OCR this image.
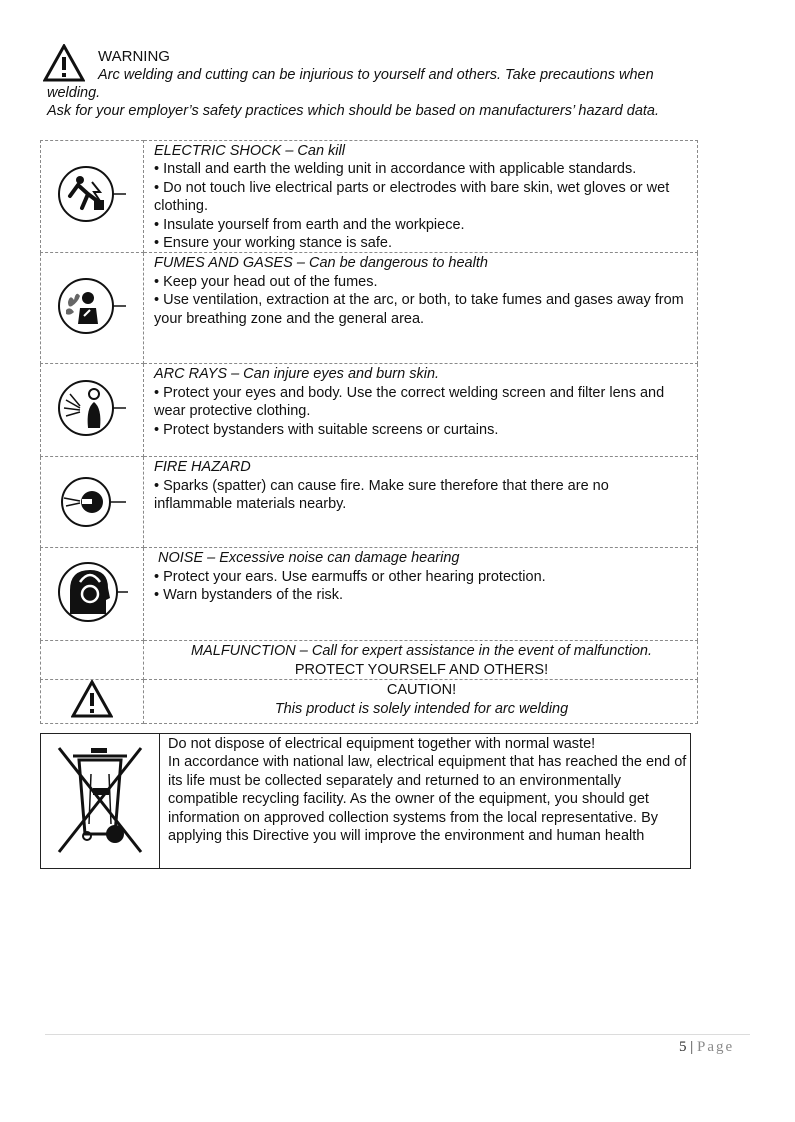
WARNING
Arc welding and cutting can be injurious to yourself and others. Take precautions when
welding.
Ask for your employer’s safety practices which should be based on manufacturers’ hazard data.

ELECTRIC SHOCK – Can kill
• Install and earth the welding unit in accordance with applicable standards.
• Do not touch live electrical parts or electrodes with bare skin, wet gloves or wet clothing.
• Insulate yourself from earth and the workpiece.
• Ensure your working stance is safe.

FUMES AND GASES – Can be dangerous to health
• Keep your head out of the fumes.
• Use ventilation, extraction at the arc, or both, to take fumes and gases away from your breathing zone and the general area.

ARC RAYS – Can injure eyes and burn skin.
• Protect your eyes and body. Use the correct welding screen and filter lens and wear protective clothing.
• Protect bystanders with suitable screens or curtains.

FIRE HAZARD
• Sparks (spatter) can cause fire. Make sure therefore that there are no inflammable materials nearby.

NOISE – Excessive noise can damage hearing
• Protect your ears. Use earmuffs or other hearing protection.
• Warn bystanders of the risk.

	MALFUNCTION – Call for expert assistance in the event of malfunction.
PROTECT YOURSELF AND OTHERS!

CAUTION!
This product is solely intended for arc welding
Do not dispose of electrical equipment together with normal waste!
In accordance with national law, electrical equipment that has reached the end of its life must be collected separately and returned to an environmentally compatible recycling facility. As the owner of the equipment, you should get information on approved collection systems from the local representative. By applying this Directive you will improve the environment and human health
5 | Page
